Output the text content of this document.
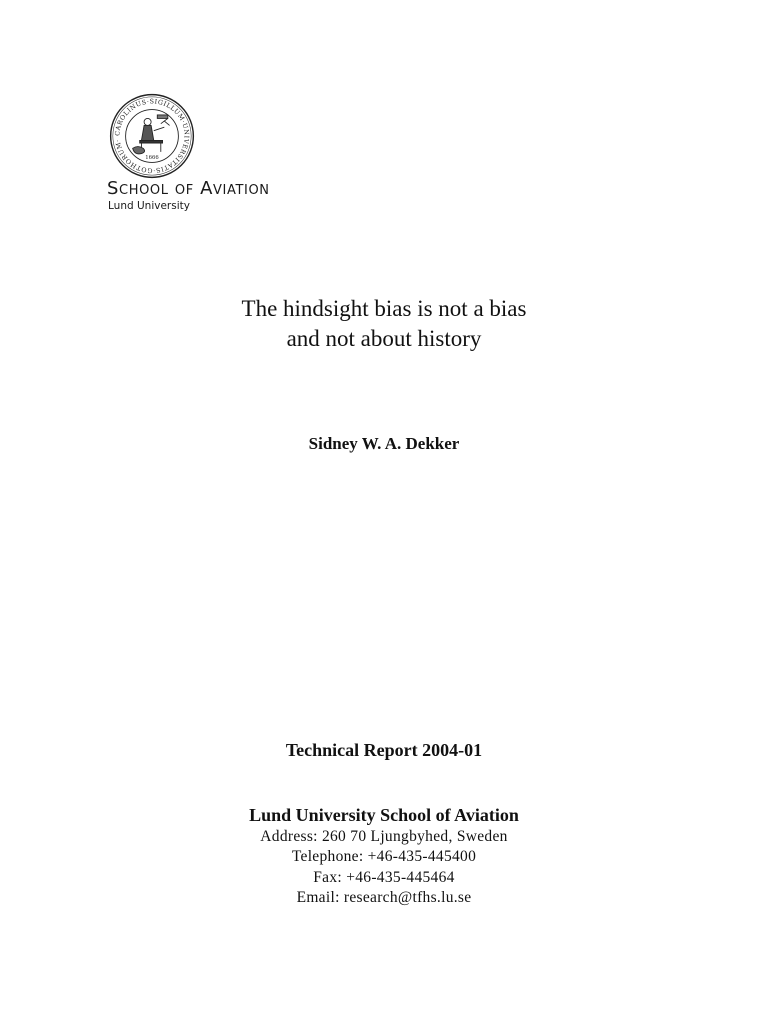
CAROLINUS·SIGILLUM·UNIVERSITATIS·GOTHORUM·
1666
School of Aviation
Lund University
The hindsight bias is not a bias
and not about history
Sidney W. A. Dekker
Technical Report 2004-01
Lund University School of Aviation
Address: 260 70 Ljungbyhed, Sweden
Telephone: +46-435-445400
Fax: +46-435-445464
Email: research@tfhs.lu.se
